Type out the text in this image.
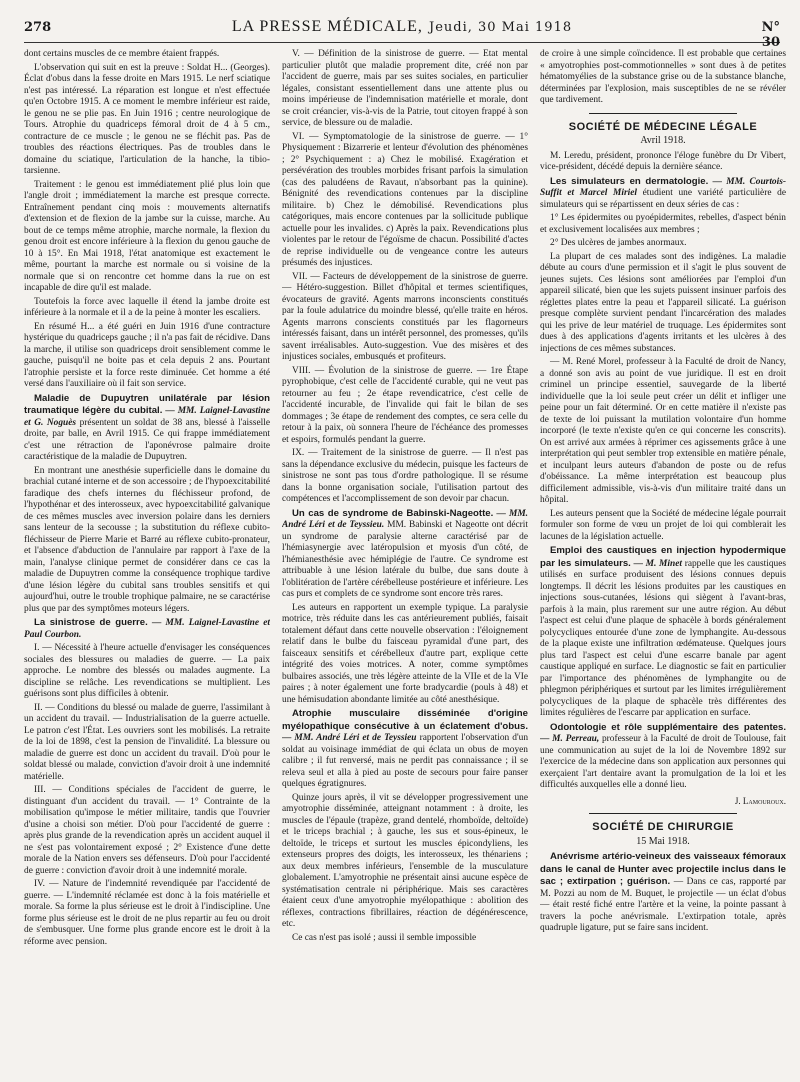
278	LA PRESSE MÉDICALE, Jeudi, 30 Mai 1918	N° 30

dont certains muscles de ce membre étaient frappés.

L'observation qui suit en est la preuve : Soldat H... (Georges). Éclat d'obus dans la fesse droite en Mars 1915. Le nerf sciatique n'est pas intéressé. La réparation est longue et n'est effectuée qu'en Octobre 1915. A ce moment le membre inférieur est raide, le genou ne se plie pas. En Juin 1916 ; centre neurologique de Tours. Atrophie du quadriceps fémoral droit de 4 à 5 cm., contracture de ce muscle ; le genou ne se fléchit pas. Pas de troubles des réactions électriques. Pas de troubles dans le domaine du sciatique, l'articulation de la hanche, la tibio-tarsienne.

Traitement : le genou est immédiatement plié plus loin que l'angle droit ; immédiatement la marche est presque correcte. Entraînement pendant cinq mois : mouvements alternatifs d'extension et de flexion de la jambe sur la cuisse, marche. Au bout de ce temps même atrophie, marche normale, la flexion du genou droit est encore inférieure à la flexion du genou gauche de 10 à 15°. En Mai 1918, l'état anatomique est exactement le même, pourtant la marche est normale ou si voisine de la normale que si on rencontre cet homme dans la rue on est incapable de dire qu'il est malade.

Toutefois la force avec laquelle il étend la jambe droite est inférieure à la normale et il a de la peine à monter les escaliers.

En résumé H... a été guéri en Juin 1916 d'une contracture hystérique du quadriceps gauche ; il n'a pas fait de récidive. Dans la marche, il utilise son quadriceps droit sensiblement comme le gauche, puisqu'il ne boite pas et cela depuis 2 ans. Pourtant l'atrophie persiste et la force reste diminuée. Cet homme a été versé dans l'auxiliaire où il fait son service.

Maladie de Dupuytren unilatérale par lésion traumatique légère du cubital. — MM. Laignel-Lavastine et G. Noguès présentent un soldat de 38 ans, blessé à l'aisselle droite, par balle, en Avril 1915. Ce qui frappe immédiatement c'est une rétraction de l'aponévrose palmaire droite caractéristique de la maladie de Dupuytren.

En montrant une anesthésie superficielle dans le domaine du brachial cutané interne et de son accessoire ; de l'hypoexcitabilité faradique des chefs internes du fléchisseur profond, de l'hypothénar et des interosseux, avec hypoexcitabilité galvanique de ces mêmes muscles avec inversion polaire dans les derniers sans lenteur de la secousse ; la substitution du réflexe cubito-fléchisseur de Pierre Marie et Barré au réflexe cubito-pronateur, et l'absence d'abduction de l'annulaire par rapport à l'axe de la main, l'analyse clinique permet de considérer dans ce cas la maladie de Dupuytren comme la conséquence trophique tardive d'une lésion légère du cubital sans troubles sensitifs et qui aujourd'hui, outre le trouble trophique palmaire, ne se caractérise plus que par des symptômes moteurs légers.

La sinistrose de guerre. — MM. Laignel-Lavastine et Paul Courbon.

I. — Nécessité à l'heure actuelle d'envisager les conséquences sociales des blessures ou maladies de guerre. — La paix approche. Le nombre des blessés ou malades augmente. La discipline se relâche. Les revendications se multiplient. Les guérisons sont plus difficiles à obtenir.

II. — Conditions du blessé ou malade de guerre, l'assimilant à un accident du travail. — Industrialisation de la guerre actuelle. Le patron c'est l'État. Les ouvriers sont les mobilisés. La retraite de la loi de 1898, c'est la pension de l'invalidité. La blessure ou maladie de guerre est donc un accident du travail. D'où pour le soldat blessé ou malade, conviction d'avoir droit à une indemnité matérielle.

III. — Conditions spéciales de l'accident de guerre, le distinguant d'un accident du travail. — 1° Contrainte de la mobilisation qu'impose le métier militaire, tandis que l'ouvrier d'usine a choisi son métier. D'où pour l'accidenté de guerre : après plus grande de la revendication après un accident auquel il ne s'est pas volontairement exposé ; 2° Existence d'une dette morale de la Nation envers ses défenseurs. D'où pour l'accidenté de guerre : conviction d'avoir droit à une indemnité morale.

IV. — Nature de l'indemnité revendiquée par l'accidenté de guerre. — L'indemnité réclamée est donc à la fois matérielle et morale. Sa forme la plus sérieuse est le droit à l'indiscipline. Une forme plus sérieuse est le droit de ne plus repartir au feu ou droit de s'embusquer. Une forme plus grande encore est le droit à la réforme avec pension.

V. — Définition de la sinistrose de guerre. — État mental particulier plutôt que maladie proprement dite, créé non par l'accident de guerre, mais par ses suites sociales, en particulier légales, consistant essentiellement dans une attente plus ou moins impérieuse de l'indemnisation matérielle et morale, dont se croit créancier, vis-à-vis de la Patrie, tout citoyen frappé à son service, de blessure ou de maladie.

VI. — Symptomatologie de la sinistrose de guerre. — 1° Physiquement : Bizarrerie et lenteur d'évolution des phénomènes ; 2° Psychiquement : a) Chez le mobilisé. Exagération et persévération des troubles morbides frisant parfois la simulation (cas des paludéens de Ravaut, n'absorbant pas la quinine). Bénignité des revendications contenues par la discipline militaire. b) Chez le démobilisé. Revendications plus catégoriques, mais encore contenues par la sollicitude publique actuelle pour les invalides. c) Après la paix. Revendications plus violentes par le retour de l'égoïsme de chacun. Possibilité d'actes de reprise individuelle ou de vengeance contre les auteurs présumés des injustices.

VII. — Facteurs de développement de la sinistrose de guerre. — Hétéro-suggestion. Billet d'hôpital et termes scientifiques, évocateurs de gravité. Agents marrons inconscients constitués par la foule adulatrice du moindre blessé, qu'elle traite en héros. Agents marrons conscients constitués par les flagorneurs intéressés faisant, dans un intérêt personnel, des promesses, qu'ils savent irréalisables. Auto-suggestion. Vue des misères et des injustices sociales, embusqués et profiteurs.

VIII. — Évolution de la sinistrose de guerre. — 1re Étape pyrophobique, c'est celle de l'accidenté curable, qui ne veut pas retourner au feu ; 2e étape revendicatrice, c'est celle de l'accidenté incurable, de l'invalide qui fait le bilan de ses dommages ; 3e étape de rendement des comptes, ce sera celle du retour à la paix, où sonnera l'heure de l'échéance des promesses et espoirs, formulés pendant la guerre.

IX. — Traitement de la sinistrose de guerre. — Il n'est pas sans la dépendance exclusive du médecin, puisque les facteurs de sinistrose ne sont pas tous d'ordre pathologique. Il se résume dans la bonne organisation sociale, l'utilisation partout des compétences et l'accomplissement de son devoir par chacun.

Un cas de syndrome de Babinski-Nageotte. — MM. André Léri et de Teyssieu. MM. Babinski et Nageotte ont décrit un syndrome de paralysie alterne caractérisé par de l'hémiasynergie avec latéropulsion et myosis d'un côté, de l'hémianesthésie avec hémiplégie de l'autre. Ce syndrome est attribuable à une lésion latérale du bulbe, due sans doute à l'oblitération de l'artère cérébelleuse postérieure et inférieure. Les cas purs et complets de ce syndrome sont encore très rares.

Les auteurs en rapportent un exemple typique. La paralysie motrice, très réduite dans les cas antérieurement publiés, faisait totalement défaut dans cette nouvelle observation : l'éloignement relatif dans le bulbe du faisceau pyramidal d'une part, des faisceaux sensitifs et cérébelleux d'autre part, explique cette intégrité des voies motrices. A noter, comme symptômes bulbaires associés, une très légère atteinte de la VIIe et de la VIe paires ; à noter également une forte bradycardie (pouls à 48) et une hémisudation abondante limitée au côté anesthésique.

Atrophie musculaire disséminée d'origine myélopathique consécutive à un éclatement d'obus. — MM. André Léri et de Teyssieu rapportent l'observation d'un soldat au voisinage immédiat de qui éclata un obus de moyen calibre ; il fut renversé, mais ne perdit pas connaissance ; il se releva seul et alla à pied au poste de secours pour faire panser quelques égratignures.

Quinze jours après, il vit se développer progressivement une amyotrophie disséminée, atteignant notamment : à droite, les muscles de l'épaule (trapèze, grand dentelé, rhomboïde, deltoïde) et le triceps brachial ; à gauche, les sus et sous-épineux, le deltoïde, le triceps et surtout les muscles épicondyliens, les extenseurs propres des doigts, les interosseux, les thénariens ; aux deux membres inférieurs, l'ensemble de la musculature globalement. L'amyotrophie ne présentait ainsi aucune espèce de systématisation centrale ni périphérique. Mais ses caractères étaient ceux d'une amyotrophie myélopathique : abolition des réflexes, contractions fibrillaires, réaction de dégénérescence, etc.

Ce cas n'est pas isolé ; aussi il semble impossible

de croire à une simple coïncidence. Il est probable que certaines « amyotrophies post-commotionnelles » sont dues à de petites hématomyélies de la substance grise ou de la substance blanche, déterminées par l'explosion, mais susceptibles de ne se révéler que tardivement.

SOCIÉTÉ DE MÉDECINE LÉGALE
Avril 1918.

M. Leredu, président, prononce l'éloge funèbre du Dr Vibert, vice-président, décédé depuis la dernière séance.

Les simulateurs en dermatologie. — MM. Courtois-Suffit et Marcel Miriel étudient une variété particulière de simulateurs qui se répartissent en deux séries de cas :

1° Les épidermites ou pyoépidermites, rebelles, d'aspect bénin et exclusivement localisées aux membres ;

2° Des ulcères de jambes anormaux.

La plupart de ces malades sont des indigènes. La maladie débute au cours d'une permission et il s'agit le plus souvent de jeunes sujets. Ces lésions sont améliorées par l'emploi d'un appareil silicaté, bien que les sujets puissent insinuer parfois des réglettes plates entre la peau et l'appareil silicaté. La guérison presque complète survient pendant l'incarcération des malades qui les prive de leur matériel de truquage. Les épidermites sont dues à des applications d'agents irritants et les ulcères à des injections de ces mêmes substances.

— M. René Morel, professeur à la Faculté de droit de Nancy, a donné son avis au point de vue juridique. Il est en droit criminel un principe essentiel, sauvegarde de la liberté individuelle que la loi seule peut créer un délit et infliger une peine pour un fait déterminé. Or en cette matière il n'existe pas de texte de loi puissant la mutilation volontaire d'un homme incorporé (le texte n'existe qu'en ce qui concerne les conscrits). On est arrivé aux armées à réprimer ces agissements grâce à une interprétation qui peut sembler trop extensible en matière pénale, et inculpant leurs auteurs d'abandon de poste ou de refus d'obéissance. La même interprétation est beaucoup plus difficilement admissible, vis-à-vis d'un militaire traité dans un hôpital.

Les auteurs pensent que la Société de médecine légale pourrait formuler son forme de vœu un projet de loi qui comblerait les lacunes de la législation actuelle.

Emploi des caustiques en injection hypodermique par les simulateurs. — M. Minet rappelle que les caustiques utilisés en surface produisent des lésions connues depuis longtemps. Il décrit les lésions produites par les caustiques en injections sous-cutanées, lésions qui siègent à l'avant-bras, parfois à la main, plus rarement sur une autre région. Au début l'aspect est celui d'une plaque de sphacèle à bords généralement polycycliques entourée d'une zone de lymphangite. Au-dessous de la plaque existe une infiltration œdémateuse. Quelques jours plus tard l'aspect est celui d'une escarre banale par agent caustique appliqué en surface. Le diagnostic se fait en particulier par l'importance des phénomènes de lymphangite ou de phlegmon périphériques et surtout par les limites irrégulièrement polycycliques de la plaque de sphacèle très différentes des limites régulières de l'escarre par application en surface.

Odontologie et rôle supplémentaire des patentes. — M. Perreau, professeur à la Faculté de droit de Toulouse, fait une communication au sujet de la loi de Novembre 1892 sur l'exercice de la médecine dans son application aux personnes qui exerçaient l'art dentaire avant la promulgation de la loi et les difficultés auxquelles elle a donné lieu.

J. Lamouroux.
SOCIÉTÉ DE CHIRURGIE
15 Mai 1918.

Anévrisme artério-veineux des vaisseaux fémoraux dans le canal de Hunter avec projectile inclus dans le sac ; extirpation ; guérison. — Dans ce cas, rapporté par M. Pozzi au nom de M. Buquet, le projectile — un éclat d'obus — était resté fiché entre l'artère et la veine, la pointe passant à travers la poche anévrismale. L'extirpation totale, après quadruple ligature, put se faire sans incident.
